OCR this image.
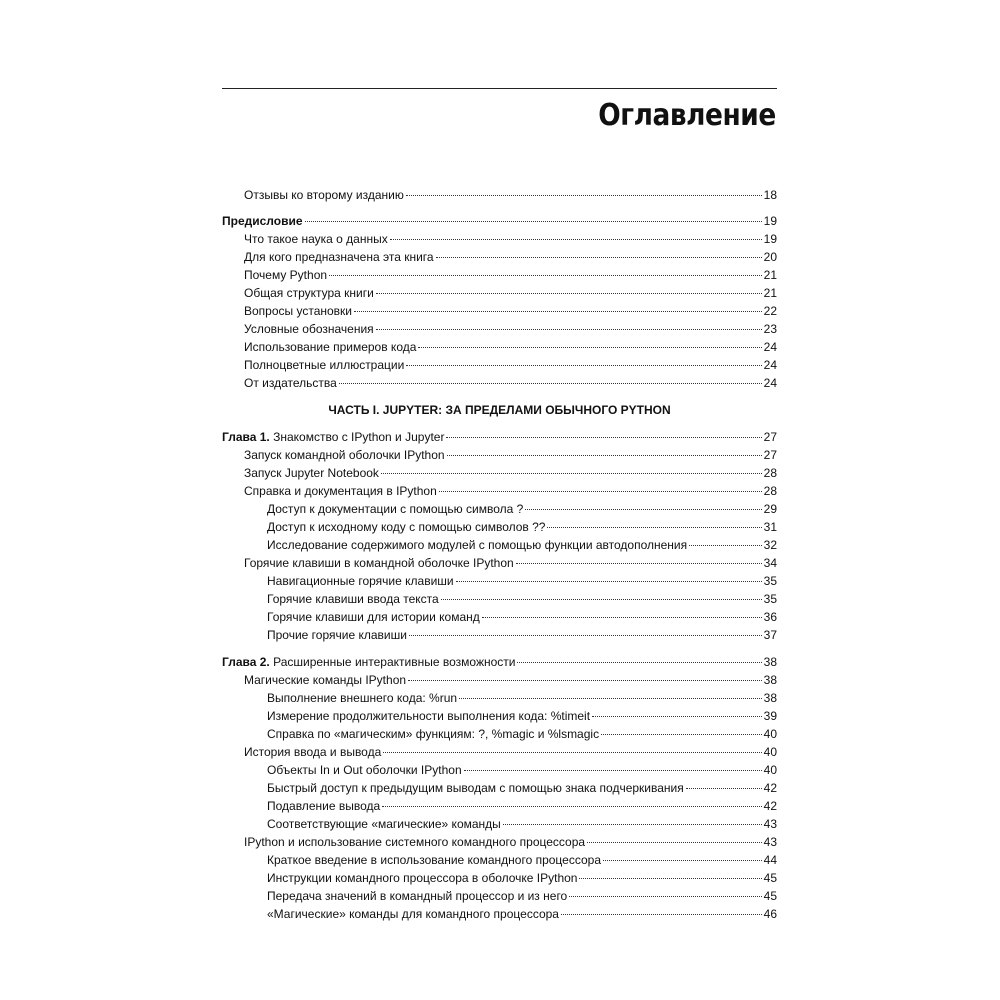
Оглавление
Отзывы ко второму изданию	18
Предисловие	19
Что такое наука о данных	19
Для кого предназначена эта книга	20
Почему Python	21
Общая структура книги	21
Вопросы установки	22
Условные обозначения	23
Использование примеров кода	24
Полноцветные иллюстрации	24
От издательства	24
ЧАСТЬ I. JUPYTER: ЗА ПРЕДЕЛАМИ ОБЫЧНОГО PYTHON
Глава 1. Знакомство с IPython и Jupyter	27
Запуск командной оболочки IPython	27
Запуск Jupyter Notebook	28
Справка и документация в IPython	28
Доступ к документации с помощью символа ?	29
Доступ к исходному коду с помощью символов ??	31
Исследование содержимого модулей с помощью функции автодополнения	32
Горячие клавиши в командной оболочке IPython	34
Навигационные горячие клавиши	35
Горячие клавиши ввода текста	35
Горячие клавиши для истории команд	36
Прочие горячие клавиши	37
Глава 2. Расширенные интерактивные возможности	38
Магические команды IPython	38
Выполнение внешнего кода: %run	38
Измерение продолжительности выполнения кода: %timeit	39
Справка по «магическим» функциям: ?, %magic и %lsmagic	40
История ввода и вывода	40
Объекты In и Out оболочки IPython	40
Быстрый доступ к предыдущим выводам с помощью знака подчеркивания	42
Подавление вывода	42
Соответствующие «магические» команды	43
IPython и использование системного командного процессора	43
Краткое введение в использование командного процессора	44
Инструкции командного процессора в оболочке IPython	45
Передача значений в командный процессор и из него	45
«Магические» команды для командного процессора	46
